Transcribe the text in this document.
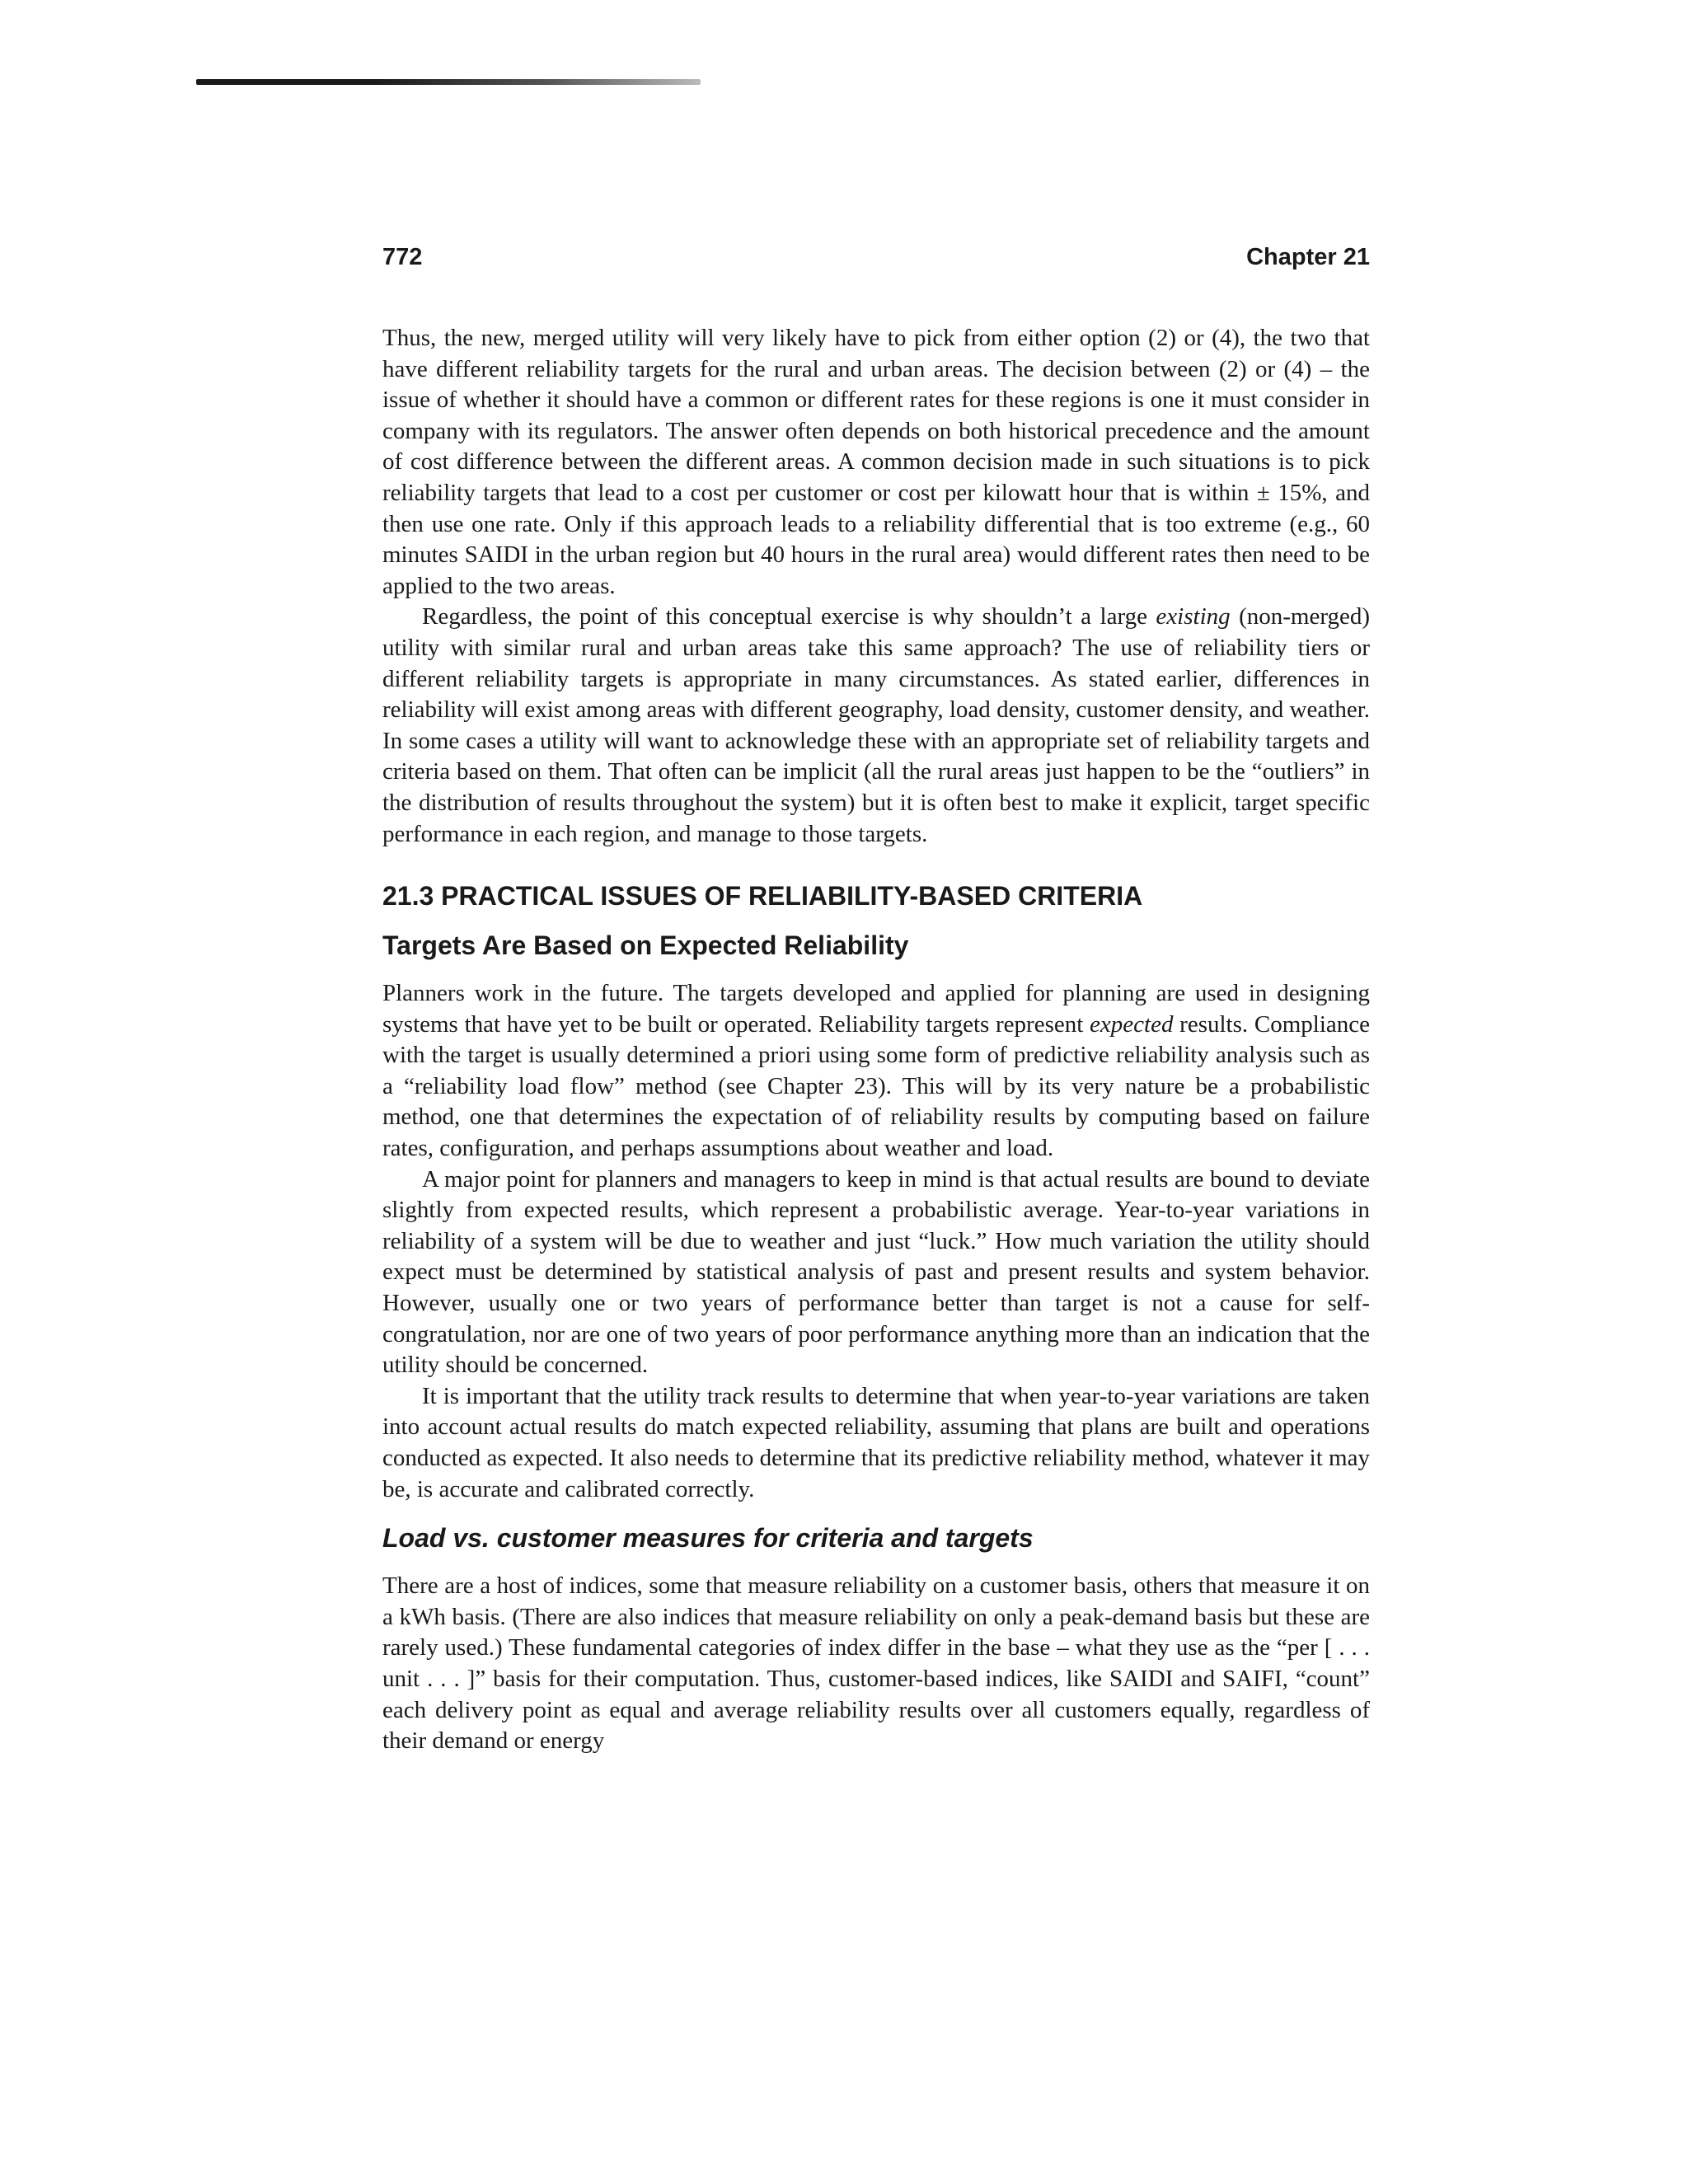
772	Chapter 21

Thus, the new, merged utility will very likely have to pick from either option (2) or (4), the two that have different reliability targets for the rural and urban areas. The decision between (2) or (4) – the issue of whether it should have a common or different rates for these regions is one it must consider in company with its regulators. The answer often depends on both historical precedence and the amount of cost difference between the different areas. A common decision made in such situations is to pick reliability targets that lead to a cost per customer or cost per kilowatt hour that is within ± 15%, and then use one rate. Only if this approach leads to a reliability differential that is too extreme (e.g., 60 minutes SAIDI in the urban region but 40 hours in the rural area) would different rates then need to be applied to the two areas.

Regardless, the point of this conceptual exercise is why shouldn’t a large existing (non-merged) utility with similar rural and urban areas take this same approach? The use of reliability tiers or different reliability targets is appropriate in many circumstances. As stated earlier, differences in reliability will exist among areas with different geography, load density, customer density, and weather. In some cases a utility will want to acknowledge these with an appropriate set of reliability targets and criteria based on them. That often can be implicit (all the rural areas just happen to be the “outliers” in the distribution of results throughout the system) but it is often best to make it explicit, target specific performance in each region, and manage to those targets.

21.3 PRACTICAL ISSUES OF RELIABILITY-BASED CRITERIA
Targets Are Based on Expected Reliability

Planners work in the future. The targets developed and applied for planning are used in designing systems that have yet to be built or operated. Reliability targets represent expected results. Compliance with the target is usually determined a priori using some form of predictive reliability analysis such as a “reliability load flow” method (see Chapter 23). This will by its very nature be a probabilistic method, one that determines the expectation of of reliability results by computing based on failure rates, configuration, and perhaps assumptions about weather and load.

A major point for planners and managers to keep in mind is that actual results are bound to deviate slightly from expected results, which represent a probabilistic average. Year-to-year variations in reliability of a system will be due to weather and just “luck.” How much variation the utility should expect must be determined by statistical analysis of past and present results and system behavior. However, usually one or two years of performance better than target is not a cause for self-congratulation, nor are one of two years of poor performance anything more than an indication that the utility should be concerned.

It is important that the utility track results to determine that when year-to-year variations are taken into account actual results do match expected reliability, assuming that plans are built and operations conducted as expected. It also needs to determine that its predictive reliability method, whatever it may be, is accurate and calibrated correctly.

Load vs. customer measures for criteria and targets

There are a host of indices, some that measure reliability on a customer basis, others that measure it on a kWh basis. (There are also indices that measure reliability on only a peak-demand basis but these are rarely used.) These fundamental categories of index differ in the base – what they use as the “per [ . . . unit . . . ]” basis for their computation. Thus, customer-based indices, like SAIDI and SAIFI, “count” each delivery point as equal and average reliability results over all customers equally, regardless of their demand or energy
